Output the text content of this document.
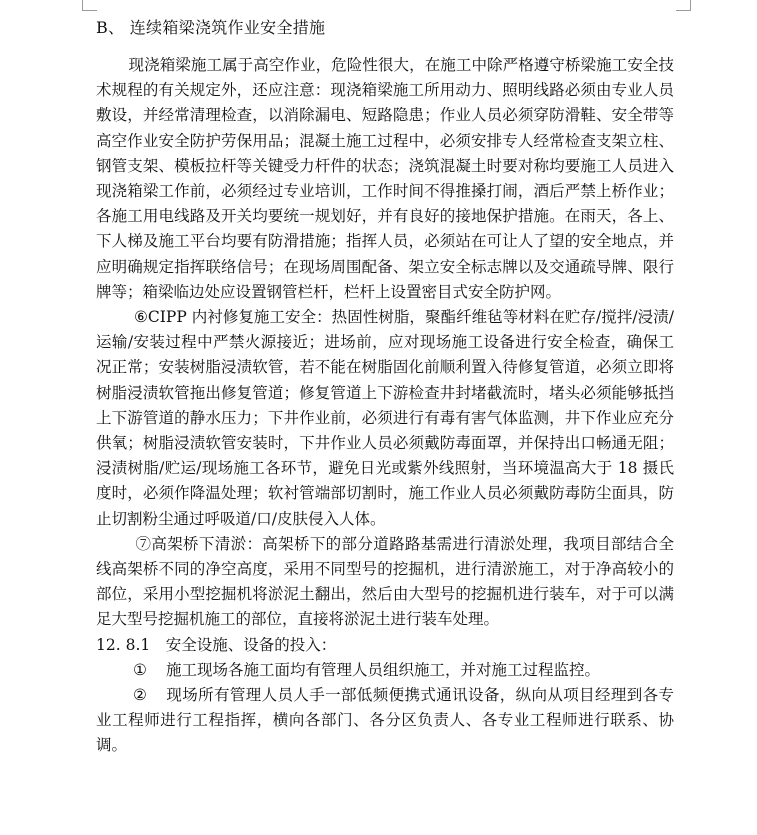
B、 连续箱梁浇筑作业安全措施

现浇箱梁施工属于高空作业，危险性很大，在施工中除严格遵守桥梁施工安全技术规程的有关规定外，还应注意：现浇箱梁施工所用动力、照明线路必须由专业人员敷设，并经常清理检查，以消除漏电、短路隐患；作业人员必须穿防滑鞋、安全带等高空作业安全防护劳保用品；混凝土施工过程中，必须安排专人经常检查支架立柱、钢管支架、模板拉杆等关键受力杆件的状态；浇筑混凝土时要对称均要施工人员进入现浇箱梁工作前，必须经过专业培训，工作时间不得推搡打闹，酒后严禁上桥作业；各施工用电线路及开关均要统一规划好，并有良好的接地保护措施。在雨天，各上、下人梯及施工平台均要有防滑措施；指挥人员，必须站在可让人了望的安全地点，并应明确规定指挥联络信号；在现场周围配备、架立安全标志牌以及交通疏导牌、限行牌等；箱梁临边处应设置钢管栏杆，栏杆上设置密目式安全防护网。

⑥CIPP 内衬修复施工安全：热固性树脂，聚酯纤维毡等材料在贮存/搅拌/浸渍/运输/安装过程中严禁火源接近；进场前，应对现场施工设备进行安全检查，确保工况正常；安装树脂浸渍软管，若不能在树脂固化前顺利置入待修复管道，必须立即将树脂浸渍软管拖出修复管道；修复管道上下游检查井封堵截流时，堵头必须能够抵挡上下游管道的静水压力；下井作业前，必须进行有毒有害气体监测，井下作业应充分供氧；树脂浸渍软管安装时，下井作业人员必须戴防毒面罩，并保持出口畅通无阻；浸渍树脂/贮运/现场施工各环节，避免日光或紫外线照射，当环境温高大于 18 摄氏度时，必须作降温处理；软衬管端部切割时，施工作业人员必须戴防毒防尘面具，防止切割粉尘通过呼吸道/口/皮肤侵入人体。

⑦高架桥下清淤：高架桥下的部分道路路基需进行清淤处理，我项目部结合全线高架桥不同的净空高度，采用不同型号的挖掘机，进行清淤施工，对于净高较小的部位，采用小型挖掘机将淤泥土翻出，然后由大型号的挖掘机进行装车，对于可以满足大型号挖掘机施工的部位，直接将淤泥土进行装车处理。

12. 8.1　安全设施、设备的投入：

① 施工现场各施工面均有管理人员组织施工，并对施工过程监控。

② 现场所有管理人员人手一部低频便携式通讯设备，纵向从项目经理到各专业工程师进行工程指挥，横向各部门、各分区负责人、各专业工程师进行联系、协调。
